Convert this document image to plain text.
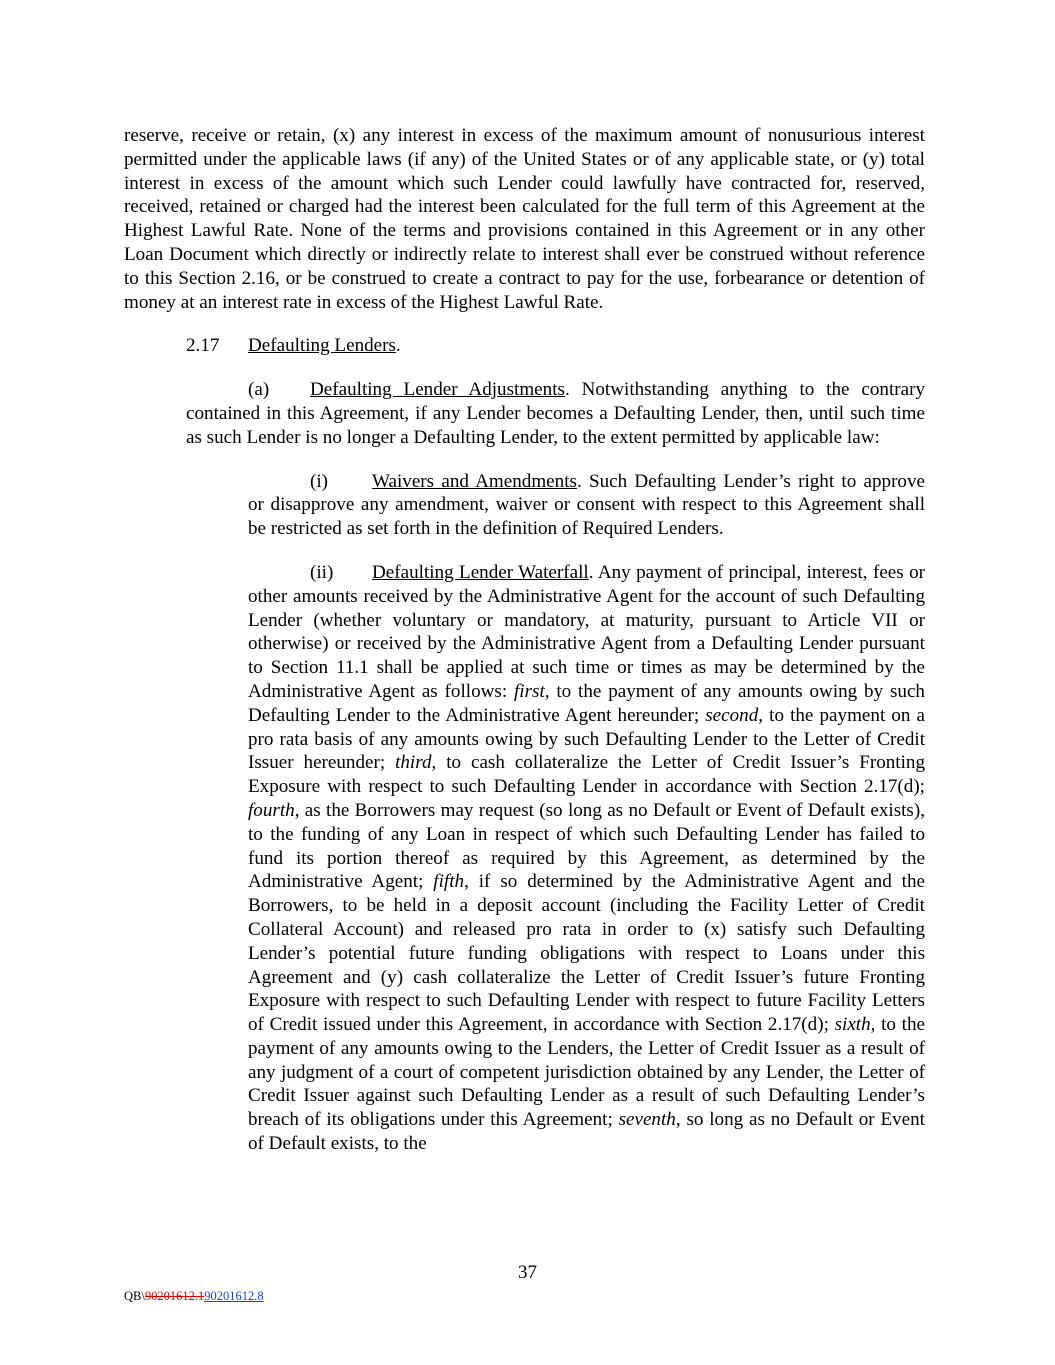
reserve, receive or retain, (x) any interest in excess of the maximum amount of nonusurious interest permitted under the applicable laws (if any) of the United States or of any applicable state, or (y) total interest in excess of the amount which such Lender could lawfully have contracted for, reserved, received, retained or charged had the interest been calculated for the full term of this Agreement at the Highest Lawful Rate. None of the terms and provisions contained in this Agreement or in any other Loan Document which directly or indirectly relate to interest shall ever be construed without reference to this Section 2.16, or be construed to create a contract to pay for the use, forbearance or detention of money at an interest rate in excess of the Highest Lawful Rate.

2.17 Defaulting Lenders.

(a) Defaulting Lender Adjustments. Notwithstanding anything to the contrary contained in this Agreement, if any Lender becomes a Defaulting Lender, then, until such time as such Lender is no longer a Defaulting Lender, to the extent permitted by applicable law:

(i) Waivers and Amendments. Such Defaulting Lender’s right to approve or disapprove any amendment, waiver or consent with respect to this Agreement shall be restricted as set forth in the definition of Required Lenders.

(ii) Defaulting Lender Waterfall. Any payment of principal, interest, fees or other amounts received by the Administrative Agent for the account of such Defaulting Lender (whether voluntary or mandatory, at maturity, pursuant to Article VII or otherwise) or received by the Administrative Agent from a Defaulting Lender pursuant to Section 11.1 shall be applied at such time or times as may be determined by the Administrative Agent as follows: first, to the payment of any amounts owing by such Defaulting Lender to the Administrative Agent hereunder; second, to the payment on a pro rata basis of any amounts owing by such Defaulting Lender to the Letter of Credit Issuer hereunder; third, to cash collateralize the Letter of Credit Issuer’s Fronting Exposure with respect to such Defaulting Lender in accordance with Section 2.17(d); fourth, as the Borrowers may request (so long as no Default or Event of Default exists), to the funding of any Loan in respect of which such Defaulting Lender has failed to fund its portion thereof as required by this Agreement, as determined by the Administrative Agent; fifth, if so determined by the Administrative Agent and the Borrowers, to be held in a deposit account (including the Facility Letter of Credit Collateral Account) and released pro rata in order to (x) satisfy such Defaulting Lender’s potential future funding obligations with respect to Loans under this Agreement and (y) cash collateralize the Letter of Credit Issuer’s future Fronting Exposure with respect to such Defaulting Lender with respect to future Facility Letters of Credit issued under this Agreement, in accordance with Section 2.17(d); sixth, to the payment of any amounts owing to the Lenders, the Letter of Credit Issuer as a result of any judgment of a court of competent jurisdiction obtained by any Lender, the Letter of Credit Issuer against such Defaulting Lender as a result of such Defaulting Lender’s breach of its obligations under this Agreement; seventh, so long as no Default or Event of Default exists, to the

37
QB\90201612.190201612.8
